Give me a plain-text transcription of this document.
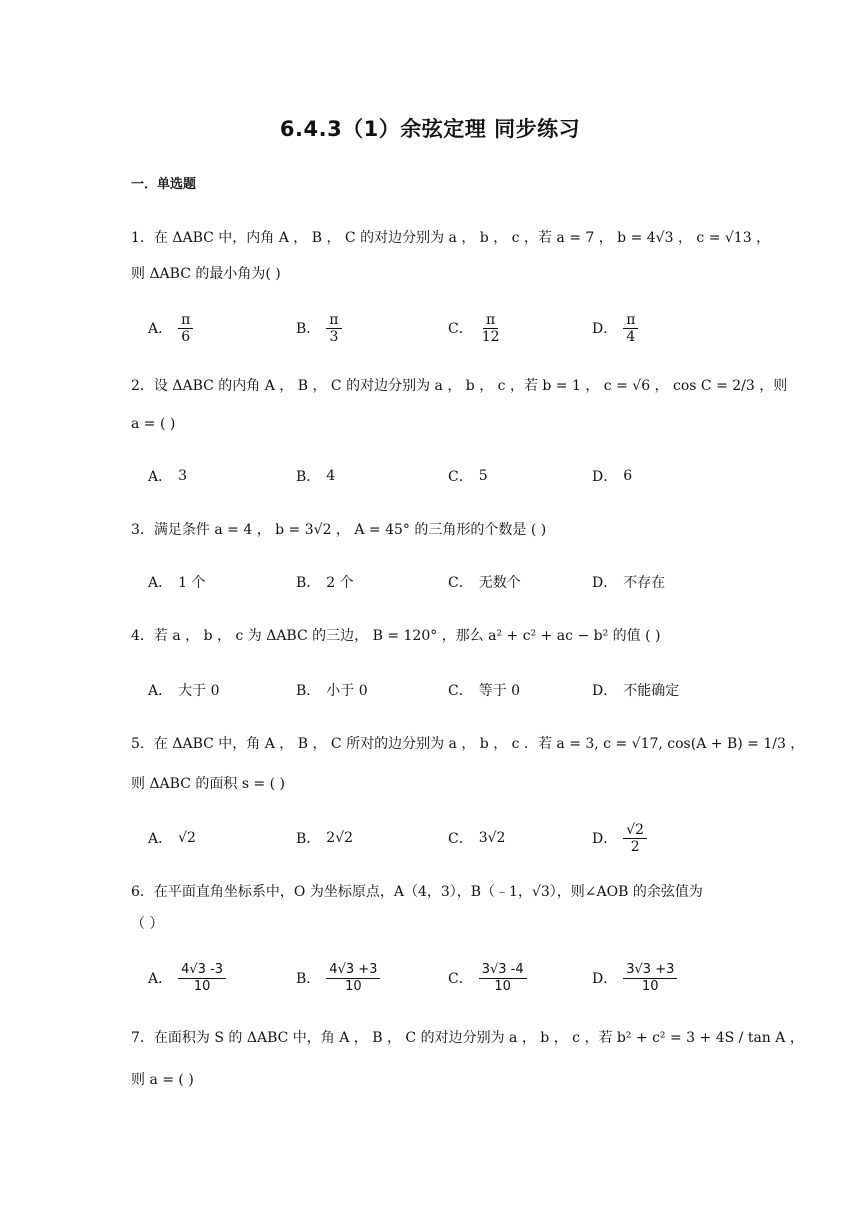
6.4.3（1）余弦定理 同步练习
一．单选题
1．在 ΔABC 中，内角 A ， B ， C 的对边分别为 a ， b ， c ，若 a = 7 ， b = 4√3 ， c = √13 ，
则 ΔABC 的最小角为( )
A． $\frac{\pi}{6}$	B． $\frac{\pi}{3}$	C． $\frac{\pi}{12}$	D． $\frac{\pi}{4}$
2．设 ΔABC 的内角 A ， B ， C 的对边分别为 a ， b ， c ，若 b = 1 ， c = √6 ， cos C = 2/3 ，则
a = ( )
A． 3	B． 4	C． 5	D． 6
3．满足条件 a = 4 ， b = 3√2 ， A = 45° 的三角形的个数是 ( )
A． 1 个	B． 2 个	C． 无数个	D． 不存在
4．若 a ， b ， c 为 ΔABC 的三边， B = 120° ，那么 a² + c² + ac − b² 的值 ( )
A． 大于 0	B． 小于 0	C． 等于 0	D． 不能确定
5．在 ΔABC 中，角 A ， B ， C 所对的边分别为 a ， b ， c ．若 a = 3, c = √17, cos(A + B) = 1/3 ，
则 ΔABC 的面积 s = ( )
A． √2	B． 2√2	C． 3√2	D． $\frac{√2}{2}$
6．在平面直角坐标系中，O 为坐标原点，A（4，3），B（﹣1，√3），则∠AOB 的余弦值为
（ ）
A． $\frac{4√3 -3}{10}$	B． $\frac{4√3 +3}{10}$	C． $\frac{3√3 -4}{10}$	D． $\frac{3√3 +3}{10}$
7．在面积为 S 的 ΔABC 中，角 A ， B ， C 的对边分别为 a ， b ， c ，若 b² + c² = 3 + 4S / tan A ，
则 a = ( )
